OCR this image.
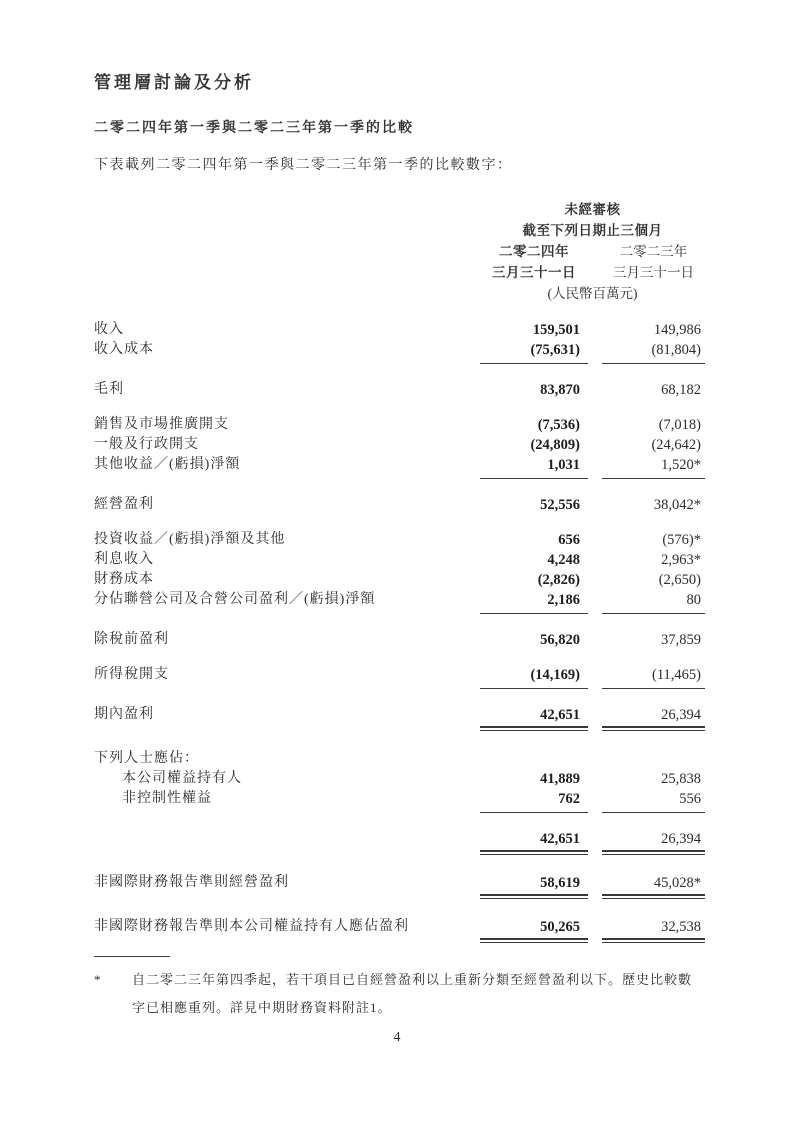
管理層討論及分析
二零二四年第一季與二零二三年第一季的比較

下表載列二零二四年第一季與二零二三年第一季的比較數字：

未經審核
截至下列日期止三個月
二零二四年	二零二三年
三月三十一日	三月三十一日
(人民幣百萬元)
收入	159,501	149,986
收入成本	(75,631)	(81,804)
毛利	83,870	68,182
銷售及市場推廣開支	(7,536)	(7,018)
一般及行政開支	(24,809)	(24,642)
其他收益／(虧損)淨額	1,031	1,520*
經營盈利	52,556	38,042*
投資收益／(虧損)淨額及其他	656	(576)*
利息收入	4,248	2,963*
財務成本	(2,826)	(2,650)
分佔聯營公司及合營公司盈利／(虧損)淨額	2,186	80
除稅前盈利	56,820	37,859
所得稅開支	(14,169)	(11,465)
期內盈利	42,651	26,394
下列人士應佔：
本公司權益持有人	41,889	25,838
非控制性權益	762	556
42,651	26,394
非國際財務報告準則經營盈利	58,619	45,028*
非國際財務報告準則本公司權益持有人應佔盈利	50,265	32,538
*	自二零二三年第四季起，若干項目已自經營盈利以上重新分類至經營盈利以下。歷史比較數字已相應重列。詳見中期財務資料附註1。
4
